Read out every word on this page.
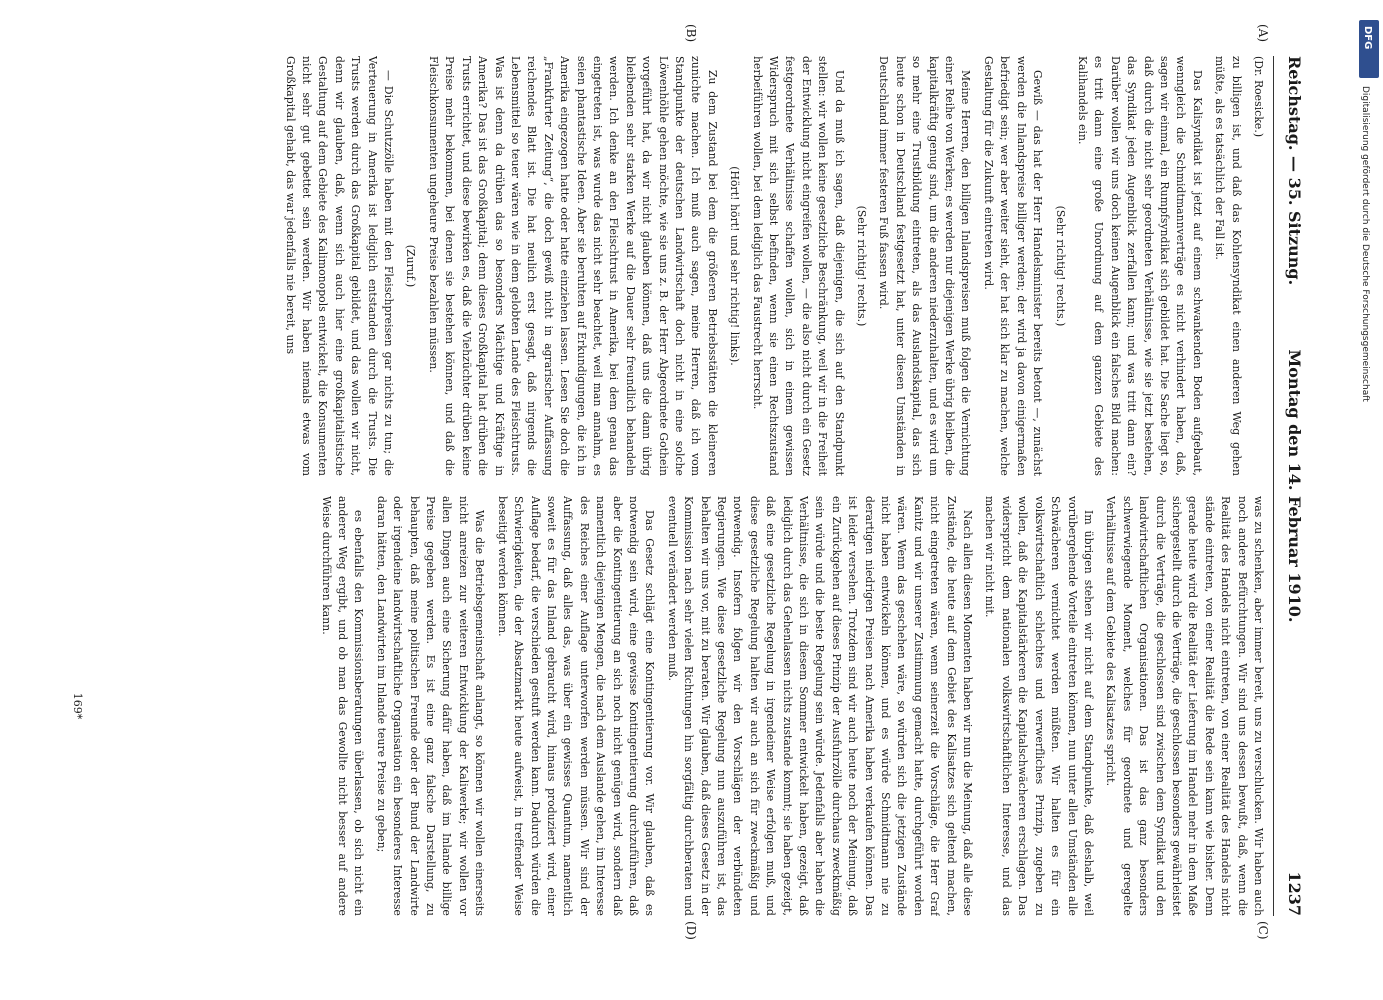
Reichstag. — 35. Sitzung.
Montag den 14. Februar 1910.
1237
(A)
(B)
(C)
(D)

(Dr. Roesicke.)

zu billigen ist, und daß das Kohlensyndikat einen anderen Weg gehen müßte, als es tatsächlich der Fall ist.

Das Kalisyndikat ist jetzt auf einem schwankenden Boden aufgebaut, wenngleich die Schmidtmannverträge es nicht verhindert haben, daß, sagen wir einmal, ein Rumpfsyndikat sich gebildet hat. Die Sache liegt so, daß durch die nicht sehr geordneten Verhältnisse, wie sie jetzt bestehen, das Syndikat jeden Augenblick zerfallen kann; und was tritt dann ein? Darüber wollen wir uns doch keinen Augenblick ein falsches Bild machen: es tritt dann eine große Unordnung auf dem ganzen Gebiete des Kalihandels ein.

(Sehr richtig! rechts.)

Gewiß — das hat der Herr Handelsminister bereits betont —, zunächst werden die Inlandspreise billiger werden; der wird ja davon einigermaßen befriedigt sein; wer aber weiter sieht, der hat sich klar zu machen, welche Gestaltung für die Zukunft eintreten wird.

Meine Herren, den billigen Inlandspreisen muß folgen die Vernichtung einer Reihe von Werken; es werden nur diejenigen Werke übrig bleiben, die kapitalkräftig genug sind, um die anderen niederzuhalten, und es wird um so mehr eine Trustbildung eintreten, als das Auslandskapital, das sich heute schon in Deutschland festgesetzt hat, unter diesen Umständen in Deutschland immer festeren Fuß fassen wird.

(Sehr richtig! rechts.)

Und da muß ich sagen, daß diejenigen, die sich auf den Standpunkt stellen: wir wollen keine gesetzliche Beschränkung, weil wir in die Freiheit der Entwicklung nicht eingreifen wollen, — die also nicht durch ein Gesetz festgeordnete Verhältnisse schaffen wollen, sich in einem gewissen Widerspruch mit sich selbst befinden, wenn sie einen Rechtszustand herbeiführen wollen, bei dem lediglich das Faustrecht herrscht.

(Hört! hört! und sehr richtig! links).

Zu dem Zustand bei dem die größeren Betriebsstätten die kleineren zunichte machen. Ich muß auch sagen, meine Herren, daß ich vom Standpunkte der deutschen Landwirtschaft doch nicht in eine solche Löwenhöhle gehen möchte, wie sie uns z. B. der Herr Abgeordnete Gothein vorgeführt hat, da wir nicht glauben können, daß uns die dann übrig bleibenden sehr starken Werke auf die Dauer sehr freundlich behandeln werden. Ich denke an den Fleischtrust in Amerika, bei dem genau das eingetreten ist, was wurde das nicht sehr beachtet, weil man annahm, es seien phantastische Ideen. Aber sie beruhten auf Erkundigungen, die ich in Amerika eingezogen hatte oder hatte einziehen lassen. Lesen Sie doch die „Frankfurter Zeitung“, die doch gewiß nicht in agrarischer Auffassung reichendes Blatt ist. Die hat neulich erst gesagt, daß nirgends die Lebensmittel so teuer wären wie in dem gelobten Lande des Fleischtrusts. Was ist denn da drüben das so besonders Mächtige und Kräftige in Amerika? Das ist das Großkapital; denn dieses Großkapital hat drüben die Trusts errichtet, und diese bewirken es, daß die Viehzüchter drüben keine Preise mehr bekommen, bei denen sie bestehen können, und daß die Fleischkonsumenten ungeheure Preise bezahlen müssen.

(Zuruf.)

— Die Schutzzölle haben mit den Fleischpreisen gar nichts zu tun; die Verteuerung in Amerika ist lediglich entstanden durch die Trusts. Die Trusts werden durch das Großkapital gebildet, und das wollen wir nicht, denn wir glauben, daß, wenn sich auch hier eine großkapitalistische Gestaltung auf dem Gebiete des Kalimonopols entwickelt, die Konsumenten nicht sehr gut gebettet sein werden. Wir haben niemals etwas vom Großkapital gehabt, das war jedenfalls nie bereit, uns

was zu schenken, aber immer bereit, uns zu verschlucken. Wir haben auch noch andere Befürchtungen. Wir sind uns dessen bewußt, daß, wenn die Realität des Handels nicht eintreten, von einer Realität des Handels nicht stände eintreten, von einer Realität die Rede sein kann wie bisher. Denn gerade heute wird die Realität der Lieferung im Handel mehr in dem Maße sichergestellt durch die Verträge, die geschlossen besonders gewährleistet durch die Verträge, die geschlossen sind zwischen dem Syndikat und den landwirtschaftlichen Organisationen. Das ist das ganz besonders schwerwiegende Moment, welches für geordnete und geregelte Verhältnisse auf dem Gebiete des Kalisatzes spricht.

Im übrigen stehen wir nicht auf dem Standpunkte, daß deshalb, weil vorübergehende Vorteile eintreten können, nun unter allen Umständen alle Schwächeren vernichtet werden müßten. Wir halten es für ein volkswirtschaftlich schlechtes und verwerfliches Prinzip, zugeben zu wollen, daß die Kapitalstärkeren die Kapitalschwächeren erschlagen. Das widerspricht dem nationalen volkswirtschaftlichen Interesse, und das machen wir nicht mit.

Nach allen diesen Momenten haben wir nun die Meinung, daß alle diese Zustände, die heute auf dem Gebiet des Kalisatzes sich geltend machen, nicht eingetreten wären, wenn seinerzeit die Vorschläge, die Herr Graf Kanitz und wir unserer Zustimmung gemacht hatte, durchgeführt worden wären. Wenn das geschehen wäre, so würden sich die jetzigen Zustände nicht haben entwickeln können, und es würde Schmidtmann nie zu derartigen niedrigen Preisen nach Amerika haben verkaufen können. Das ist leider versehen. Trotzdem sind wir auch heute noch der Meinung, daß ein Zurückgehen auf dieses Prinzip der Ausfuhrzölle durchaus zweckmäßig sein würde und die beste Regelung sein würde. Jedenfalls aber haben die Verhältnisse, die sich in diesem Sommer entwickelt haben, gezeigt, daß lediglich durch das Gehenlassen nichts zustande kommt; sie haben gezeigt, daß eine gesetzliche Regelung in irgendeiner Weise erfolgen muß, und diese gesetzliche Regelung halten wir auch an sich für zweckmäßig und notwendig. Insofern folgen wir den Vorschlägen der verbündeten Regierungen. Wie diese gesetzliche Regelung nun auszuführen ist, das behalten wir uns vor, mit zu beraten. Wir glauben, daß dieses Gesetz in der Kommission nach sehr vielen Richtungen hin sorgfältig durchberaten und eventuell verändert werden muß.

Das Gesetz schlägt eine Kontingentierung vor. Wir glauben, daß es notwendig sein wird, eine gewisse Kontingentierung durchzuführen, daß aber die Kontingentierung an sich noch nicht genügen wird, sondern daß namentlich diejenigen Mengen, die nach dem Auslande gehen, im Interesse des Reiches einer Auflage unterworfen werden müssen. Wir sind der Auffassung, daß alles das, was über ein gewisses Quantum, namentlich soweit es für das Inland gebraucht wird, hinaus produziert wird, einer Auflage bedarf, die verschieden gestuft werden kann. Dadurch würden die Schwierigkeiten, die der Absatzmarkt heute aufweist, in treffender Weise beseitigt werden können.

Was die Betriebsgemeinschaft anlangt, so können wir wollen einerseits nicht anreizen zur weiteren Entwicklung der Kaliwerke; wir wollen vor allen Dingen auch eine Sicherung dafür haben, daß im Inlande billige Preise gegeben werden. Es ist eine ganz falsche Darstellung, zu behaupten, daß meine politischen Freunde oder der Bund der Landwirte oder irgendeine landwirtschaftliche Organisation ein besonderes Interesse daran hätten, den Landwirten im Inlande teure Preise zu geben;

es ebenfalls den Kommissionsberatungen überlassen, ob sich nicht ein anderer Weg ergibt, und ob man das Gewollte nicht besser auf andere Weise durchführen kann.

169*
DFG
Digitalisierung gefördert durch die Deutsche Forschungsgemeinschaft
